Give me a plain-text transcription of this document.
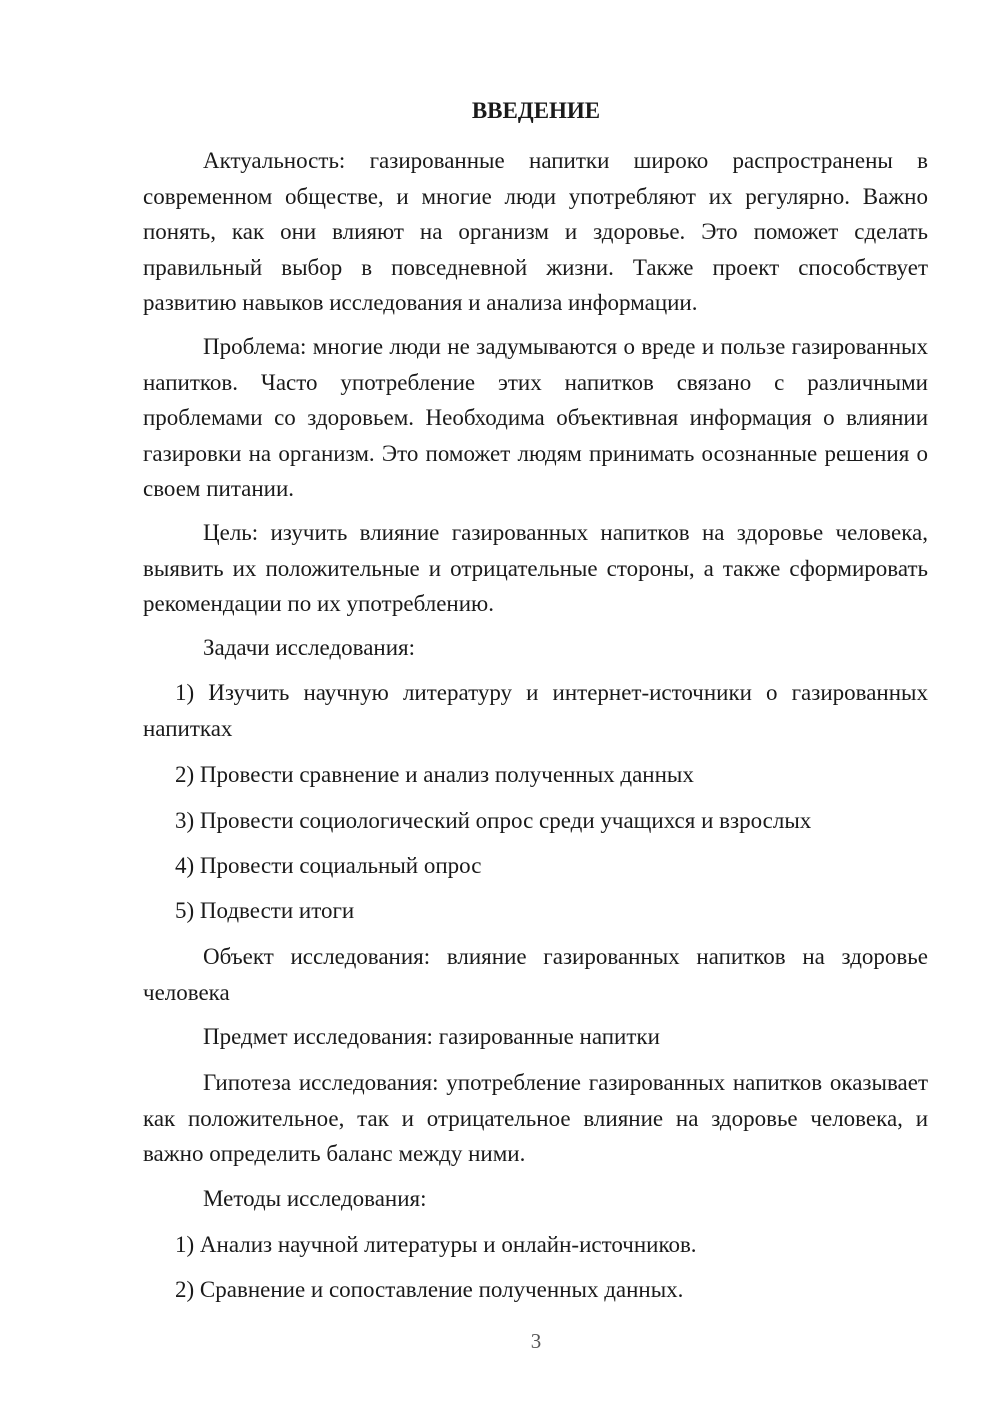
ВВЕДЕНИЕ
Актуальность: газированные напитки широко распространены в современном обществе, и многие люди употребляют их регулярно. Важно понять, как они влияют на организм и здоровье. Это поможет сделать правильный выбор в повседневной жизни. Также проект способствует развитию навыков исследования и анализа информации.
Проблема: многие люди не задумываются о вреде и пользе газированных напитков. Часто употребление этих напитков связано с различными проблемами со здоровьем. Необходима объективная информация о влиянии газировки на организм. Это поможет людям принимать осознанные решения о своем питании.
Цель: изучить влияние газированных напитков на здоровье человека, выявить их положительные и отрицательные стороны, а также сформировать рекомендации по их употреблению.
Задачи исследования:
1) Изучить научную литературу и интернет-источники о газированных напитках
2) Провести сравнение и анализ полученных данных
3) Провести социологический опрос среди учащихся и взрослых
4) Провести социальный опрос
5) Подвести итоги
Объект исследования: влияние газированных напитков на здоровье человека
Предмет исследования: газированные напитки
Гипотеза исследования: употребление газированных напитков оказывает как положительное, так и отрицательное влияние на здоровье человека, и важно определить баланс между ними.
Методы исследования:
1) Анализ научной литературы и онлайн-источников.
2) Сравнение и сопоставление полученных данных.
3
